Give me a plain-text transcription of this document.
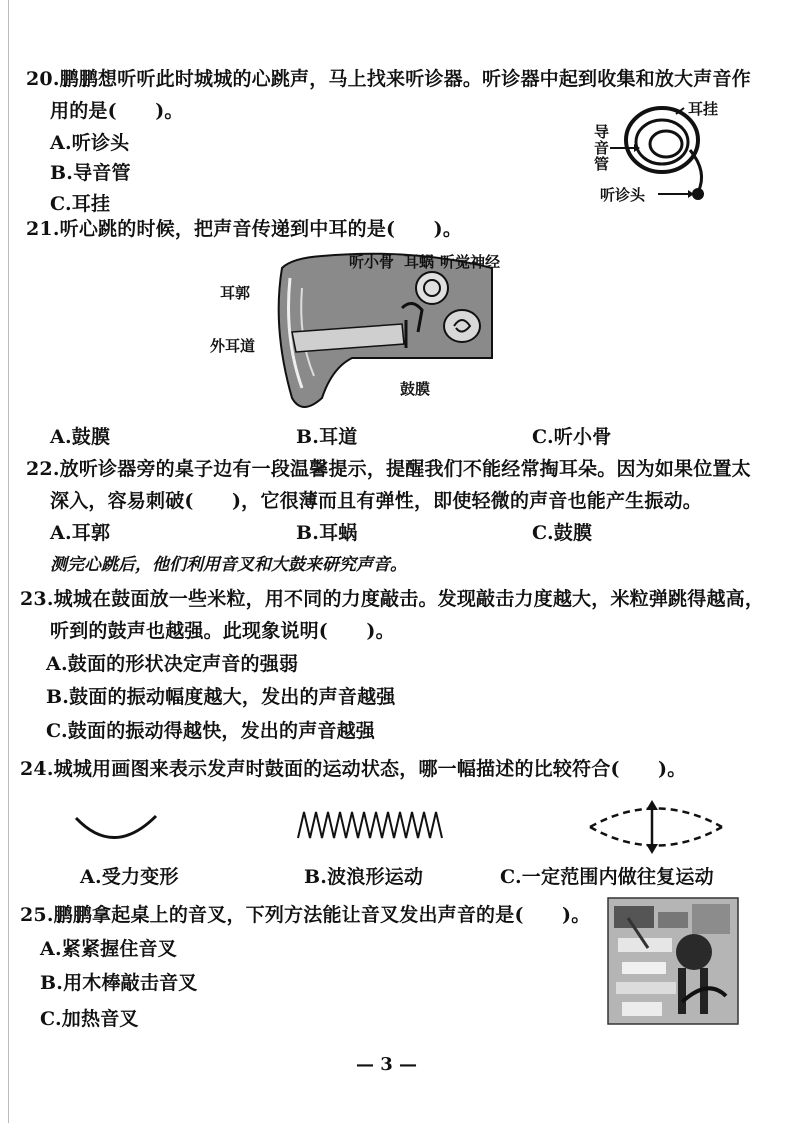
20.鹏鹏想听听此时城城的心跳声，马上找来听诊器。听诊器中起到收集和放大声音作
用的是(　　)。
A.听诊头
B.导音管
C.耳挂
耳挂
导音管
听诊头
21.听心跳的时候，把声音传递到中耳的是(　　)。
听小骨 耳蜗 听觉神经
耳郭
外耳道
鼓膜
A.鼓膜	B.耳道	C.听小骨
22.放听诊器旁的桌子边有一段温馨提示，提醒我们不能经常掏耳朵。因为如果位置太
深入，容易刺破(　　)，它很薄而且有弹性，即使轻微的声音也能产生振动。
A.耳郭	B.耳蜗	C.鼓膜
测完心跳后，他们利用音叉和大鼓来研究声音。
23.城城在鼓面放一些米粒，用不同的力度敲击。发现敲击力度越大，米粒弹跳得越高，
听到的鼓声也越强。此现象说明(　　)。
A.鼓面的形状决定声音的强弱
B.鼓面的振动幅度越大，发出的声音越强
C.鼓面的振动得越快，发出的声音越强
24.城城用画图来表示发声时鼓面的运动状态，哪一幅描述的比较符合(　　)。
A.受力变形	B.波浪形运动	C.一定范围内做往复运动
25.鹏鹏拿起桌上的音叉，下列方法能让音叉发出声音的是(　　)。
A.紧紧握住音叉
B.用木棒敲击音叉
C.加热音叉
— 3 —
